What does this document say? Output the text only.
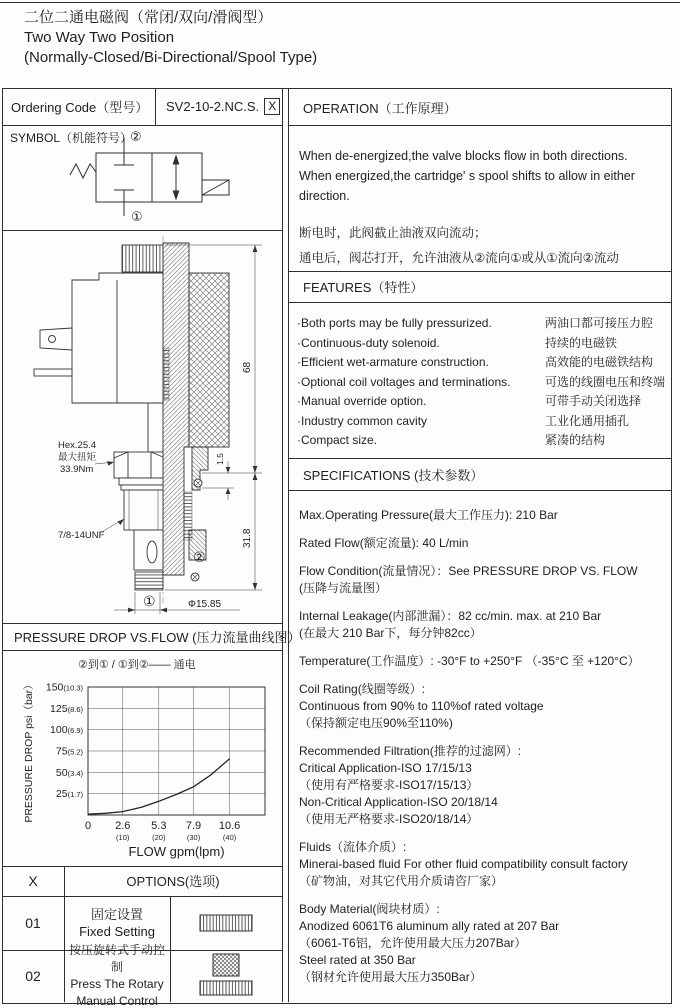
二位二通电磁阀（常闭/双向/滑阀型）
Two Way Two Position
(Normally-Closed/Bi-Directional/Spool Type)
Ordering Code（型号）	SV2-10-2.NC.S. X
SYMBOL（机能符号）
②
①
Hex.25.4
最大扭矩
33.9Nm
7/8-14UNF
68
31.8
1.5
Φ15.85
②
①
PRESSURE DROP VS.FLOW (压力流量曲线图）
②到① / ①到②—— 通电
25(1.7)
50(3.4)
75(5.2)
100(6.9)
125(8.6)
150(10.3)
0 2.6
(10)
5.3
(20)
7.9
(30)
10.6
(40)
FLOW gpm(lpm)
PRESSURE DROP psi（bar）
X	OPTIONS(选项)
01	固定设置
Fixed Setting
02
按压旋转式手动控制
Press The Rotary
Manual Control
OPERATION（工作原理）
When de-energized,the valve blocks flow in both directions.
When energized,the cartridge' s spool shifts to allow in either
direction.
断电时，此阀截止油液双向流动；
通电后，阀芯打开，允许油液从②流向①或从①流向②流动
FEATURES（特性）
·Both ports may be fully pressurized.	两油口都可接压力腔
·Continuous-duty solenoid.	持续的电磁铁
·Efficient wet-armature construction.	高效能的电磁铁结构
·Optional coil voltages and terminations.	可选的线圈电压和终端
·Manual override option.	可带手动关闭选择
·Industry common cavity	工业化通用插孔
·Compact size.	紧凑的结构
SPECIFICATIONS (技术参数）
Max.Operating Pressure(最大工作压力): 210 Bar
Rated Flow(额定流量): 40 L/min
Flow Condition(流量情况）：See PRESSURE DROP VS. FLOW
(压降与流量图）
Internal Leakage(内部泄漏）：82 cc/min. max. at 210 Bar
(在最大 210 Bar下，每分钟82cc）
Temperature(工作温度）: -30°F to +250°F （-35°C 至 +120°C）
Coil Rating(线圈等级）:
Continuous from 90% to 110%of rated voltage
（保持额定电压90%至110%)
Recommended Filtration(推荐的过滤网）:
Critical Application-ISO 17/15/13
（使用有严格要求-ISO17/15/13）
Non-Critical Application-ISO 20/18/14
（使用无严格要求-ISO20/18/14）
Fluids（流体介质）:
Minerai-based fluid For other fluid compatibility consult factory
（矿物油，对其它代用介质请咨厂家）
Body Material(阀块材质）:
Anodized 6061T6 aluminum ally rated at 207 Bar
（6061-T6铝，允许使用最大压力207Bar）
Steel rated at 350 Bar
（钢材允许使用最大压力350Bar）
